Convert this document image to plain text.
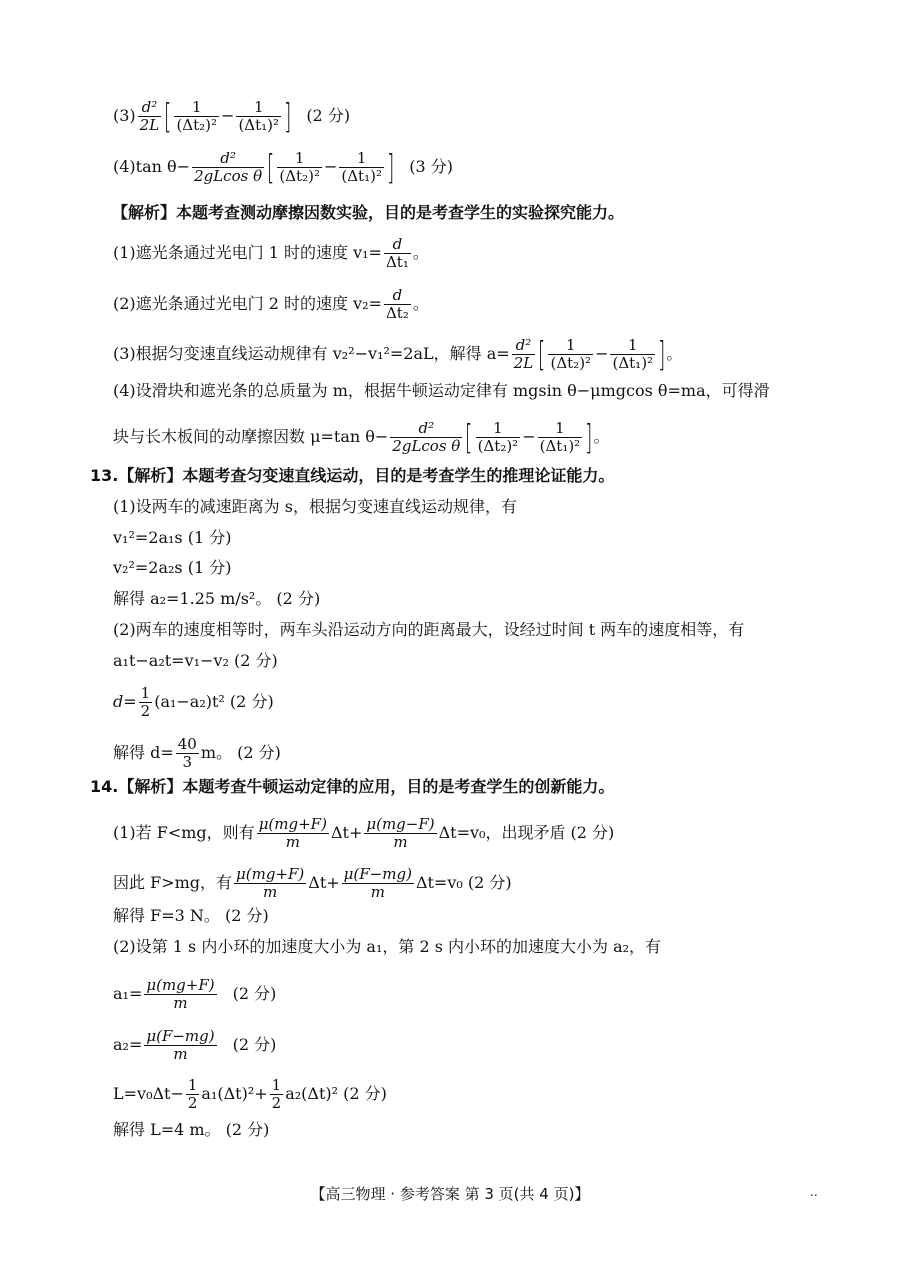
$(3) \frac{\text{d²}}{2L}$ [ $\frac{1}{\text{(Δt₂)²}} - \frac{1}{\text{(Δt₁)²}}$ ] (2 分)
(4)tan $\theta- \frac{\text{d²}}{\text{2gLcos θ}}$ [ $\frac{1}{\text{(Δt₂)²}} - \frac{1}{\text{(Δt₁)²}}$ ] (3 分)
【解析】本题考查测动摩擦因数实验，目的是考查学生的实验探究能力。
(1)遮光条通过光电门 1 时的速度 $v_1= \frac{d}{\text{Δt₁}}$ 。
(2)遮光条通过光电门 2 时的速度 $v_2= \frac{d}{\text{Δt₂}}$ 。
(3)根据匀变速直线运动规律有 v₂²−v₁²=2aL，解得 $a= \frac{\text{d²}}{2L}$ [ $\frac{1}{\text{(Δt₂)²}} - \frac{1}{\text{(Δt₁)²}}$ ]。
(4)设滑块和遮光条的总质量为 m，根据牛顿运动定律有 mgsin θ−μmgcos θ=ma，可得滑
块与长木板间的动摩擦因数 μ=tan $\theta- \frac{\text{d²}}{\text{2gLcos θ}}$ [ $\frac{1}{\text{(Δt₂)²}} - \frac{1}{\text{(Δt₁)²}}$ ]。
13.【解析】本题考查匀变速直线运动，目的是考查学生的推理论证能力。
(1)设两车的减速距离为 s，根据匀变速直线运动规律，有
v₁²=2a₁s (1 分)
v₂²=2a₂s (1 分)
解得 a₂=1.25 m/s²。 (2 分)
(2)两车的速度相等时，两车头沿运动方向的距离最大，设经过时间 t 两车的速度相等，有
a₁t−a₂t=v₁−v₂ (2 分)
$d= \frac{1}{2} (a_1-a_2)t^2$ (2 分)
解得 $d= \frac{40}{3}$ m。 (2 分)
14.【解析】本题考查牛顿运动定律的应用，目的是考查学生的创新能力。
(1)若 F<mg，则有 $\frac{\mu(mg+F)}{m} \Delta t+ \frac{\mu(mg-F)}{m} \Delta t=v_0$，出现矛盾 (2 分)
因此 F>mg，有 $\frac{\mu(mg+F)}{m} \Delta t+ \frac{\mu(F-mg)}{m} \Delta t=v_0$ (2 分)
解得 F=3 N。 (2 分)
(2)设第 1 s 内小环的加速度大小为 a₁，第 2 s 内小环的加速度大小为 a₂，有
$a_1= \frac{\mu(mg+F)}{m} (2$ 分)
$a_2= \frac{\mu(F-mg)}{m} (2$ 分)
$L=v_0\Delta t- \frac{1}{2} a_1(\Delta t)^2+ \frac{1}{2} a_2(\Delta t)^2$ (2 分)
解得 L=4 m。 (2 分)
【高三物理 · 参考答案 第 3 页(共 4 页)】	..
